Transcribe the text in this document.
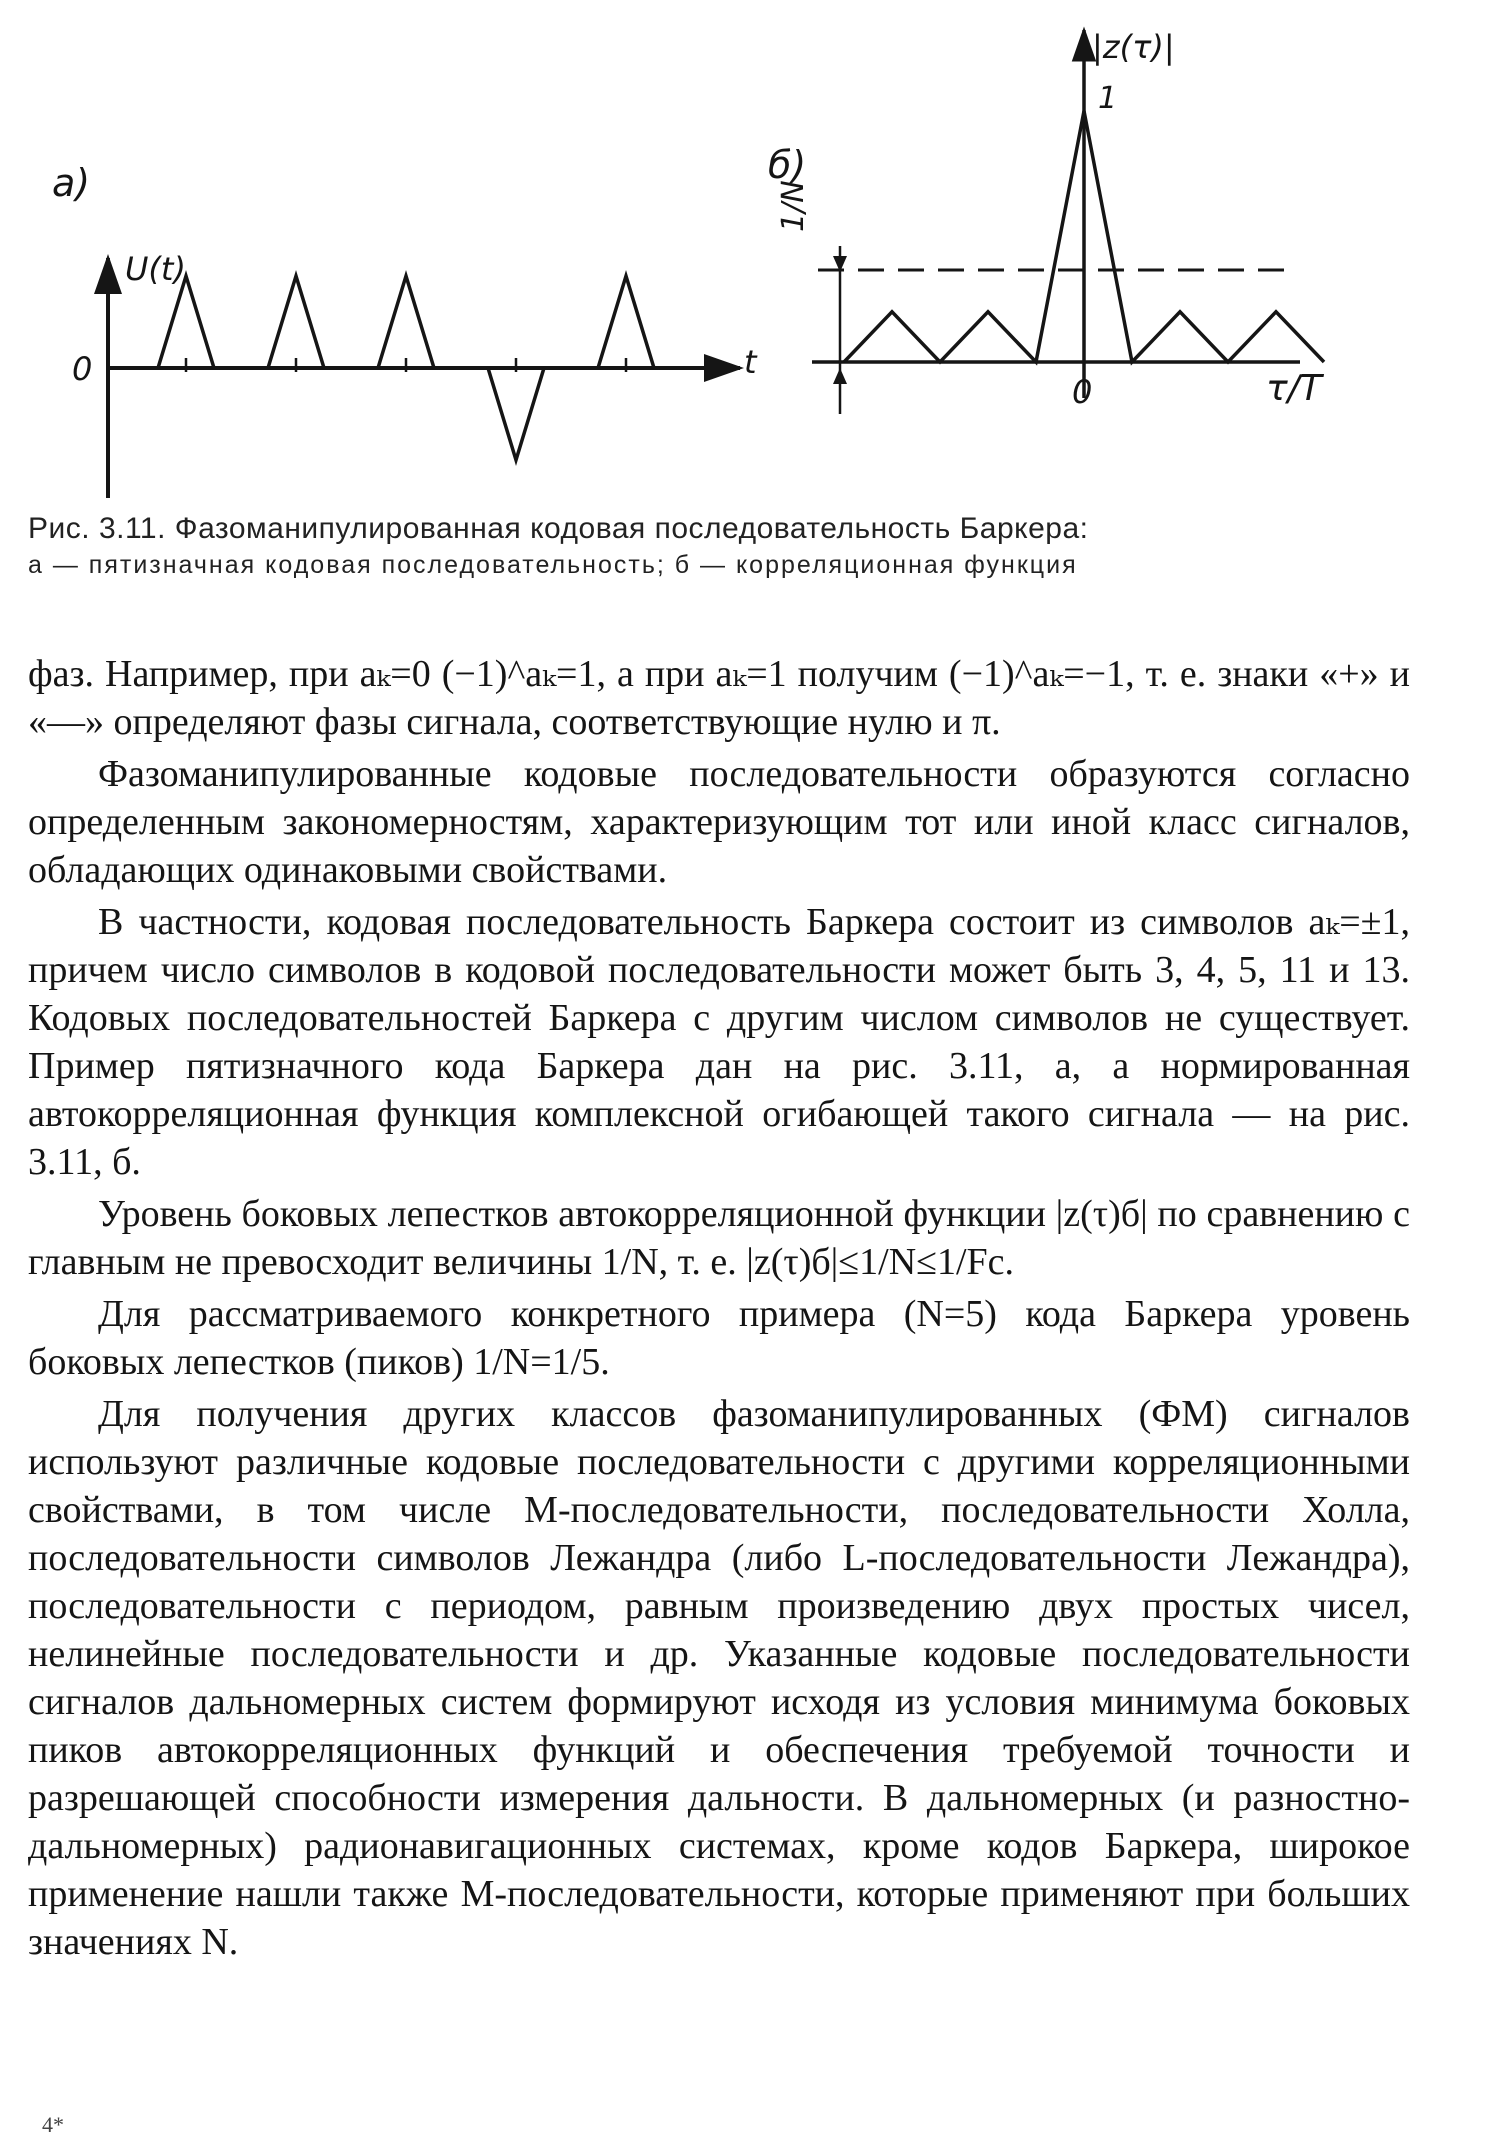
а)
U(t)
t
0
б)
|z(τ)|
1
0	τ/T
1/N
Рис. 3.11. Фазоманипулированная кодовая последовательность Баркера:
а — пятизначная кодовая последовательность; б — корреляционная функция

фаз. Например, при aₖ=0 (−1)^aₖ=1, а при aₖ=1 получим (−1)^aₖ=−1, т. е. знаки «+» и «—» определяют фазы сигнала, соответствующие нулю и π.

Фазоманипулированные кодовые последовательности образуются согласно определенным закономерностям, характеризующим тот или иной класс сигналов, обладающих одинаковыми свойствами.

В частности, кодовая последовательность Баркера состоит из символов aₖ=±1, причем число символов в кодовой последовательности может быть 3, 4, 5, 11 и 13. Кодовых последовательностей Баркера с другим числом символов не существует. Пример пятизначного кода Баркера дан на рис. 3.11, а, а нормированная автокорреляционная функция комплексной огибающей такого сигнала — на рис. 3.11, б.

Уровень боковых лепестков автокорреляционной функции |z(τ)б| по сравнению с главным не превосходит величины 1/N, т. е. |z(τ)б|≤1/N≤1/Fc.

Для рассматриваемого конкретного примера (N=5) кода Баркера уровень боковых лепестков (пиков) 1/N=1/5.

Для получения других классов фазоманипулированных (ФМ) сигналов используют различные кодовые последовательности с другими корреляционными свойствами, в том числе М-последовательности, последовательности Холла, последовательности символов Лежандра (либо L-последовательности Лежандра), последовательности с периодом, равным произведению двух простых чисел, нелинейные последовательности и др. Указанные кодовые последовательности сигналов дальномерных систем формируют исходя из условия минимума боковых пиков автокорреляционных функций и обеспечения требуемой точности и разрешающей способности измерения дальности. В дальномерных (и разностно-дальномерных) радионавигационных системах, кроме кодов Баркера, широкое применение нашли также М-последовательности, которые применяют при больших значениях N.

4*
